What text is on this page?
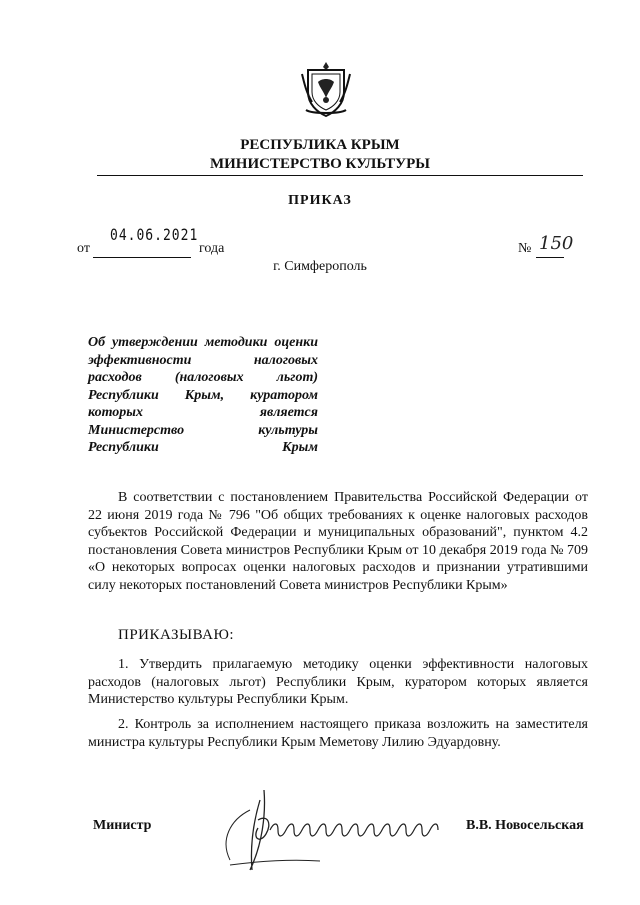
РЕСПУБЛИКА КРЫМ
МИНИСТЕРСТВО КУЛЬТУРЫ
ПРИКАЗ
04.06.2021
от	года	№ 150
г. Симферополь
Об утверждении методики оценки
эффективности налоговых
расходов (налоговых льгот)
Республики Крым, куратором
которых является
Министерство культуры
Республики Крым
В соответствии с постановлением Правительства Российской Федерации от 22 июня 2019 года № 796 "Об общих требованиях к оценке налоговых расходов субъектов Российской Федерации и муниципальных образований", пунктом 4.2 постановления Совета министров Республики Крым от 10 декабря 2019 года № 709 «О некоторых вопросах оценки налоговых расходов и признании утратившими силу некоторых постановлений Совета министров Республики Крым»
ПРИКАЗЫВАЮ:
1. Утвердить прилагаемую методику оценки эффективности налоговых расходов (налоговых льгот) Республики Крым, куратором которых является Министерство культуры Республики Крым.
2. Контроль за исполнением настоящего приказа возложить на заместителя министра культуры Республики Крым Меметову Лилию Эдуардовну.
Министр	В.В. Новосельская
